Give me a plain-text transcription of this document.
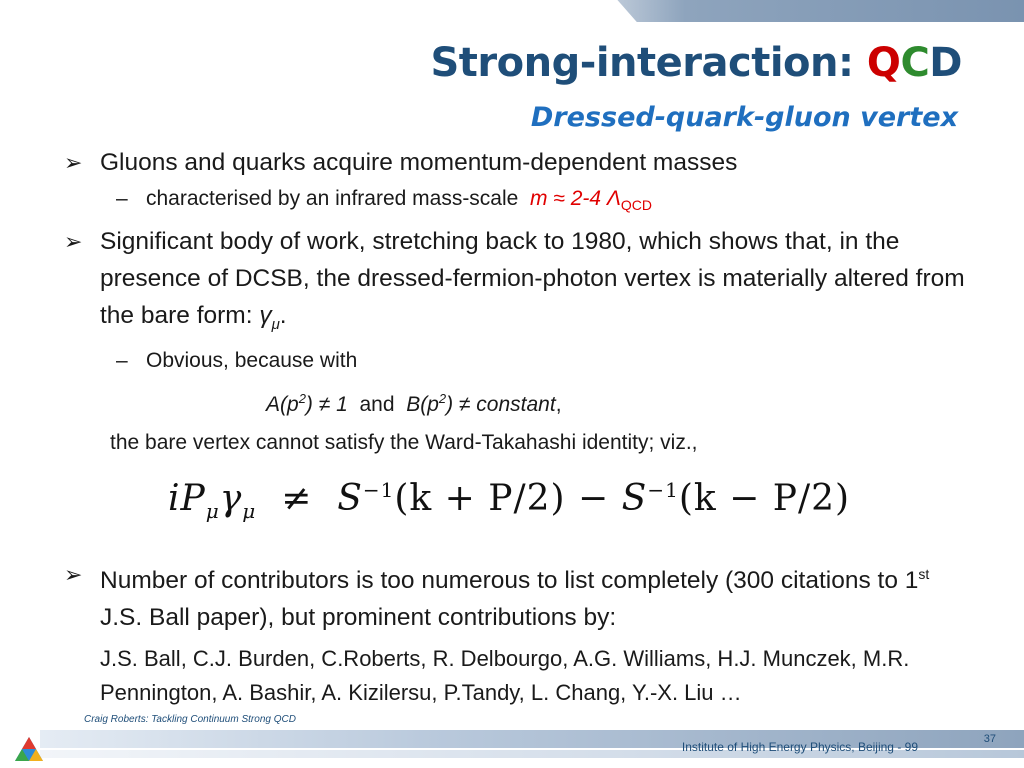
Strong-interaction: QCD
Dressed-quark-gluon vertex
➢ Gluons and quarks acquire momentum-dependent masses
– characterised by an infrared mass-scale m ≈ 2-4 $\Lambda_{QCD}$
➢ Significant body of work, stretching back to 1980, which shows that, in the presence of DCSB, the dressed-fermion-photon vertex is materially altered from the bare form: $\gamma_\mu$.
– Obvious, because with
$A(p^2) \ne 1$ and $B(p^2)$ ≠ constant,
the bare vertex cannot satisfy the Ward-Takahashi identity; viz.,
$iP_\mu\gamma_\mu \ne S^{-1}(k + P/2) - S^{-1}(k - P/2)$
➢ Number of contributors is too numerous to list completely (300 citations to 1st J.S. Ball paper), but prominent contributions by:
J.S. Ball, C.J. Burden, C.Roberts, R. Delbourgo, A.G. Williams, H.J. Munczek, M.R. Pennington, A. Bashir, A. Kizilersu, P.Tandy, L. Chang, Y.-X. Liu …
Craig Roberts: Tackling Continuum Strong QCD
Institute of High Energy Physics, Beijing - 99
37
